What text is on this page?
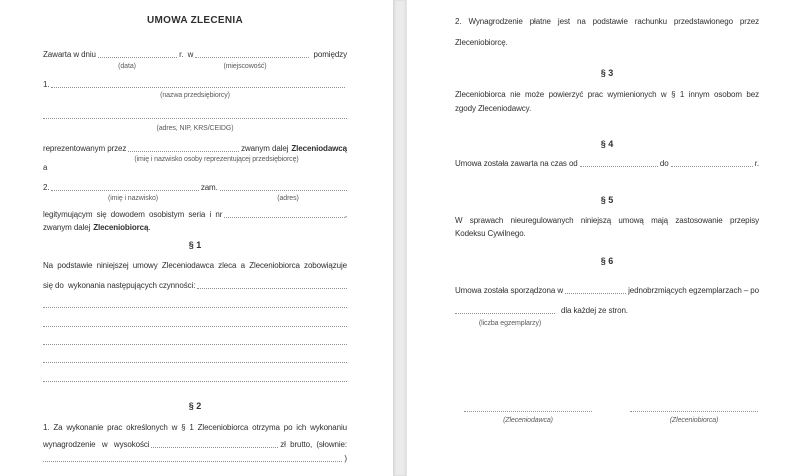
UMOWA ZLECENIA
Zawarta w dniu	r.  w	pomiędzy
(data)	(miejscowość)
1.
(nazwa przedsiębiorcy)
(adres, NIP, KRS/CEIDG)
reprezentowanym przez	zwanym dalej Zleceniodawcą
(imię i nazwisko osoby reprezentującej przedsiębiorcę)
a
2.	zam.
(imię i nazwisko)	(adres)
legitymującym  się  dowodem  osobistym  seria  i  nr	,
zwanym dalej Zleceniobiorcą .
§ 1
Na podstawie niniejszej umowy Zleceniodawca zleca a Zleceniobiorca zobowiązuje
się do  wykonania następujących czynności:
§ 2
1. Za wykonanie prac określonych w § 1 Zleceniobiorca otrzyma po ich wykonaniu
wynagrodzenie   w   wysokości	zł  brutto,  (słownie:
)
2. Wynagrodzenie płatne jest na podstawie rachunku przedstawionego przez
Zleceniobiorcę.
§ 3
Zleceniobiorca nie może powierzyć prac wymienionych w § 1 innym osobom bez
zgody Zleceniodawcy.
§ 4
Umowa została zawarta na czas od	do	r.
§ 5
W sprawach nieuregulowanych niniejszą umową mają zastosowanie przepisy
Kodeksu Cywilnego.
§ 6
Umowa została sporządzona w	jednobrzmiących egzemplarzach – po
dla każdej ze stron.
(liczba egzemplarzy)
(Zleceniodawca)	(Zleceniobiorca)
